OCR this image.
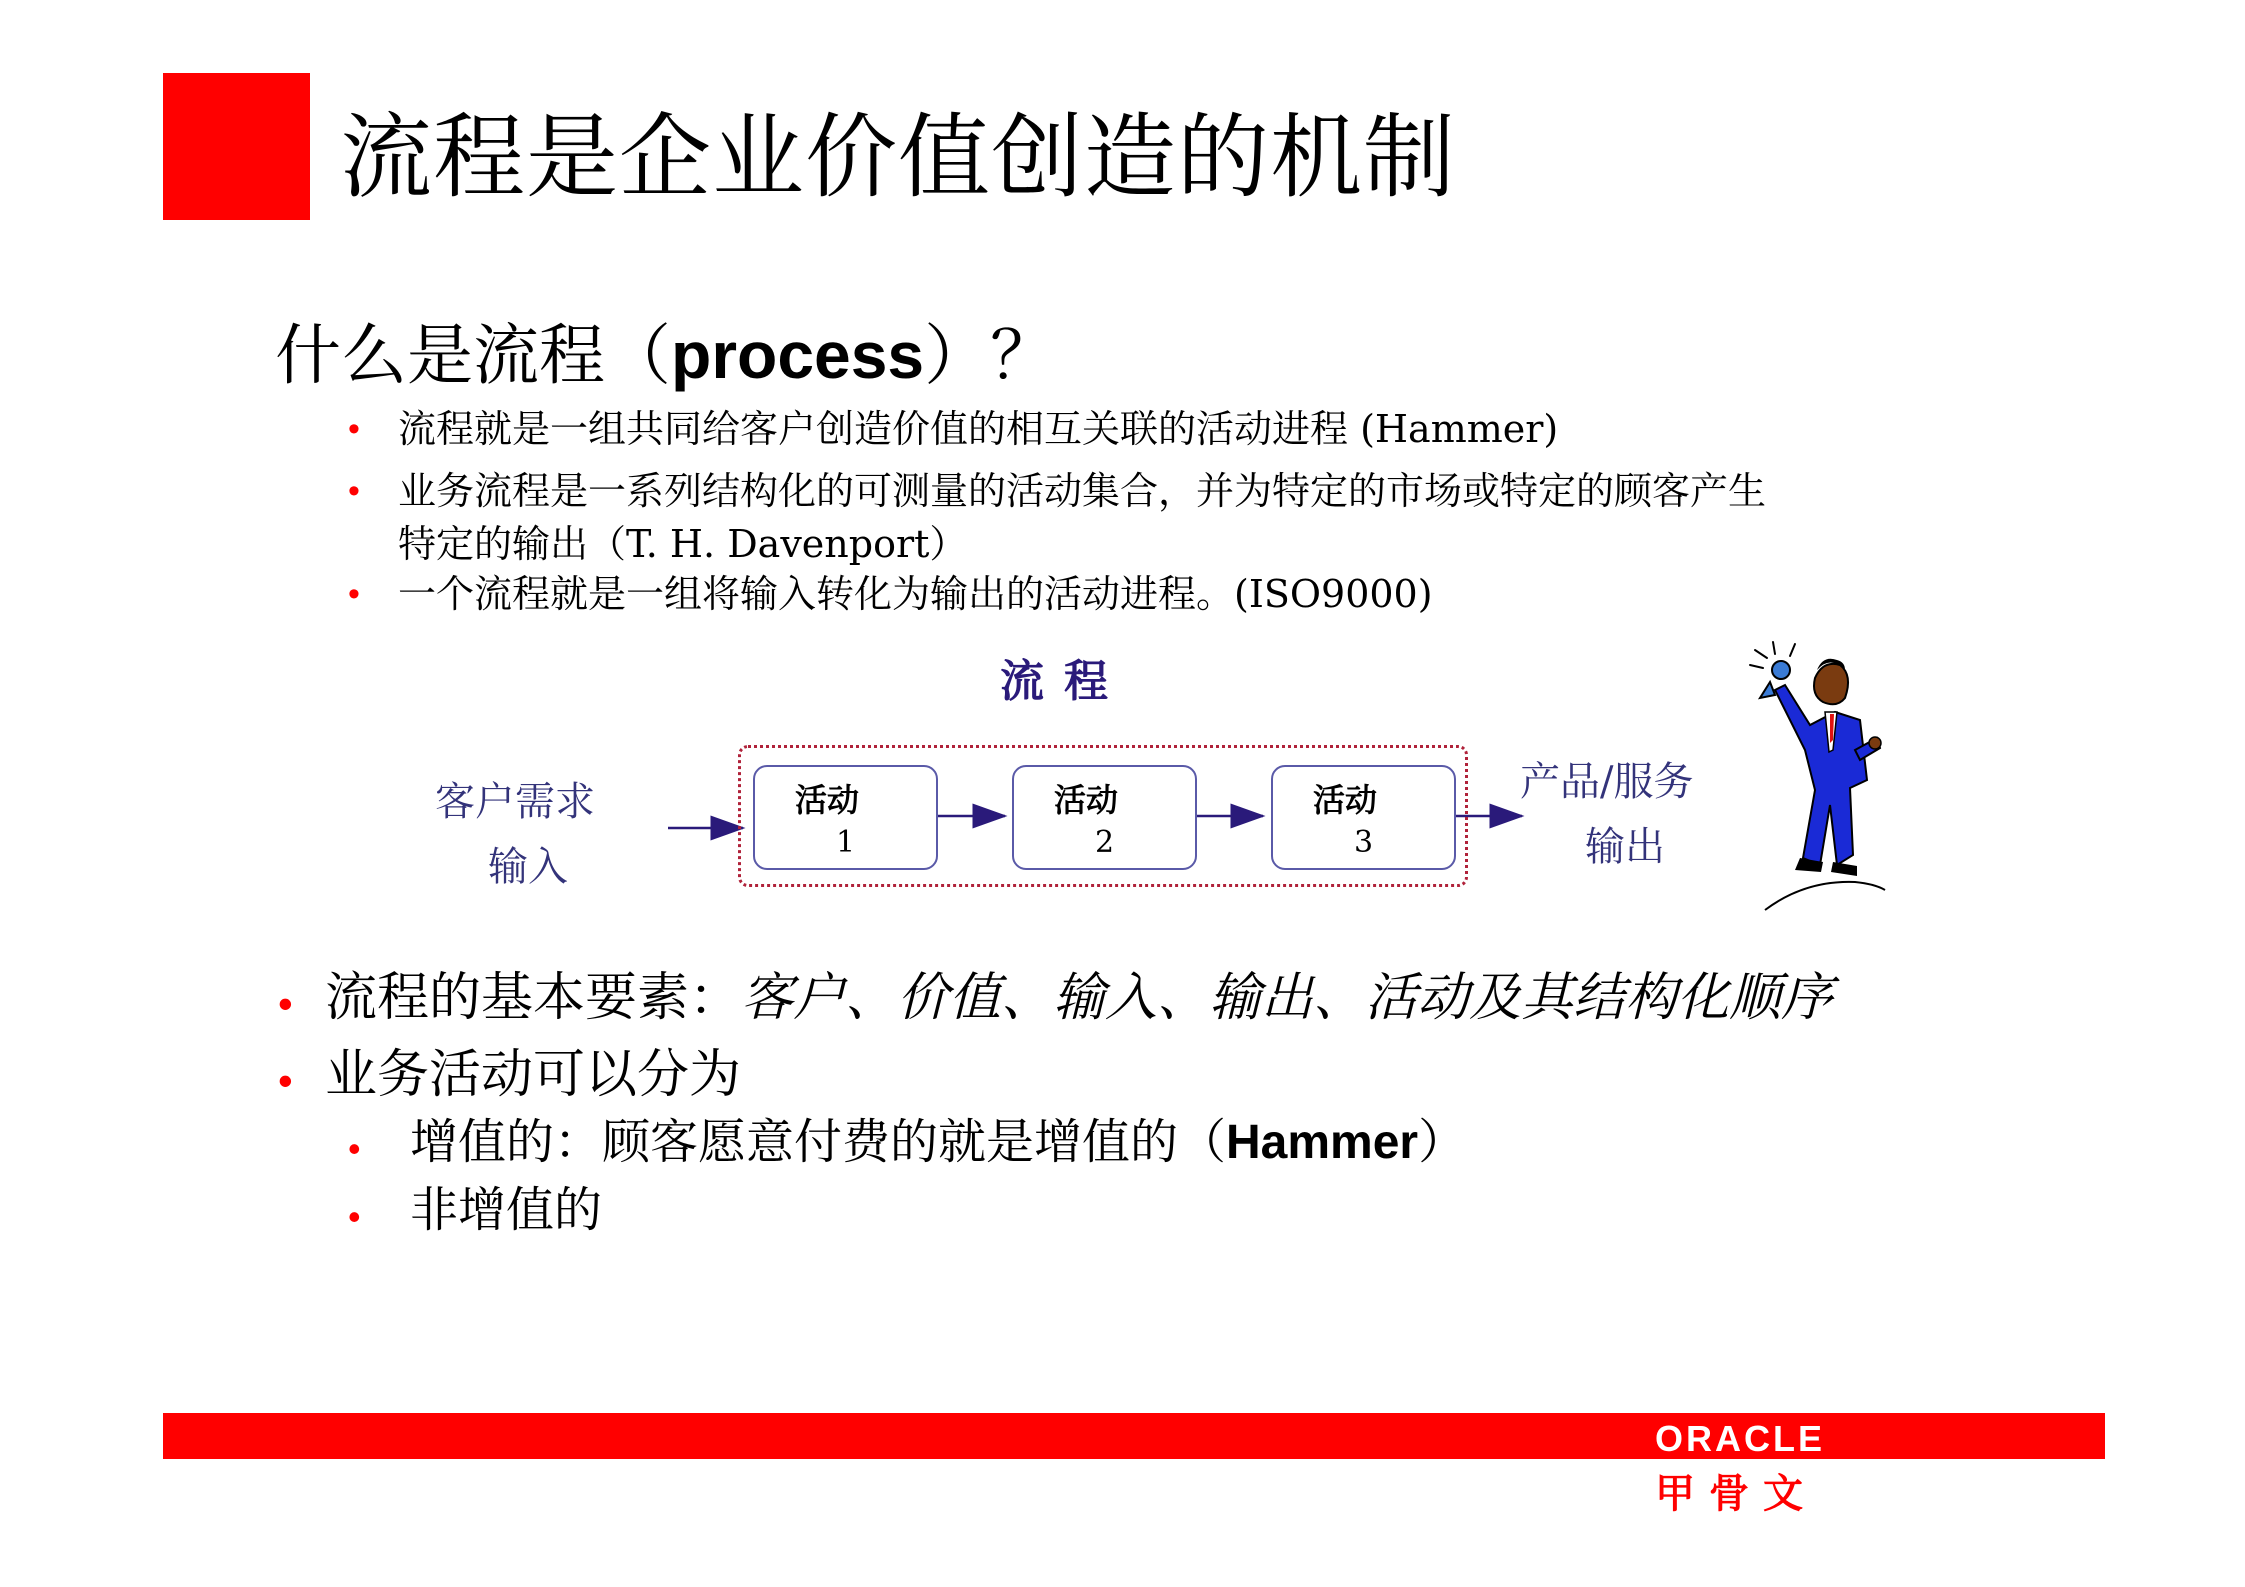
流程是企业价值创造的机制
什么是流程（process）？
• 流程就是一组共同给客户创造价值的相互关联的活动进程 (Hammer)
• 业务流程是一系列结构化的可测量的活动集合，并为特定的市场或特定的顾客产生
特定的输出（T. H. Davenport）
• 一个流程就是一组将输入转化为输出的活动进程。(ISO9000)
流程
客户需求
输入
活动
1
活动
2
活动
3
产品/服务
输出
• 流程的基本要素：客户、价值、输入、输出、活动及其结构化顺序
• 业务活动可以分为
• 增值的：顾客愿意付费的就是增值的（Hammer）
• 非增值的
ORACLE
甲骨文
